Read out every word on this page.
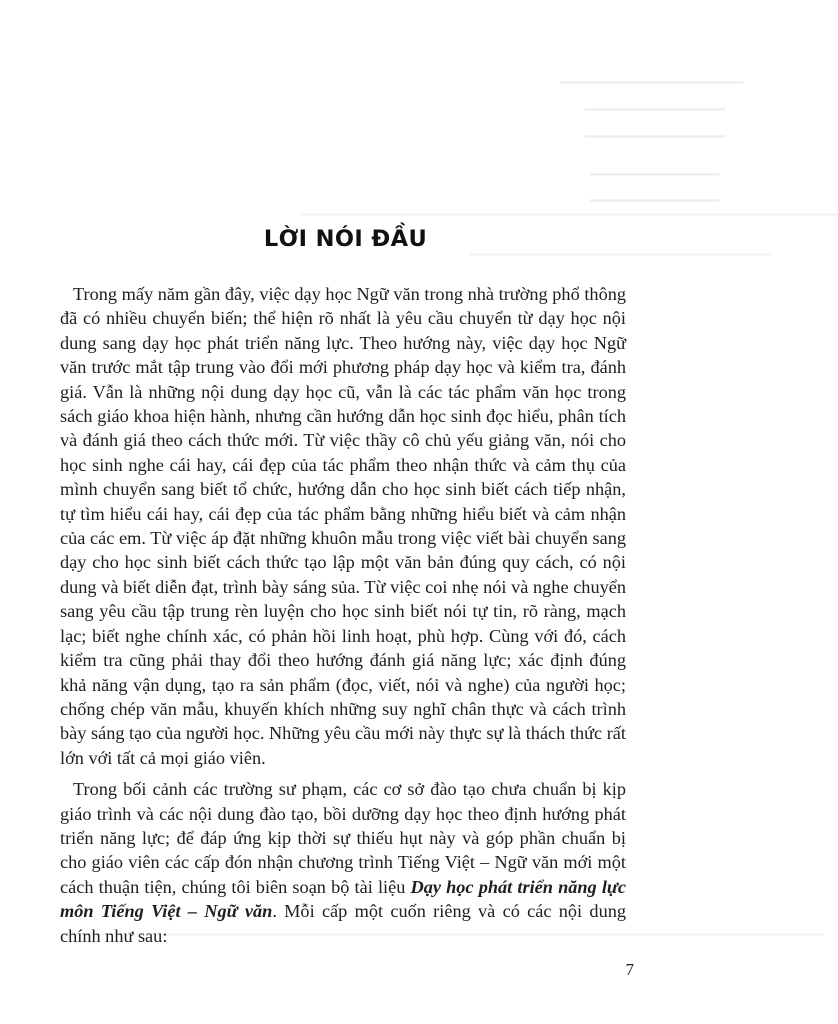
▁▁▁▁▁▁▁▁▁▁▁▁▁▁▁▁▁
▁▁▁▁▁▁▁▁▁▁▁▁▁
▁▁▁▁▁▁▁▁▁▁▁▁▁
▁▁▁▁▁▁▁▁▁▁▁▁
▁▁▁▁▁▁▁▁▁▁▁▁
▁▁▁▁▁▁▁▁▁▁▁▁▁▁▁▁▁▁▁▁▁▁▁▁▁▁▁▁▁▁▁▁▁▁▁▁▁▁▁▁▁▁▁▁▁▁▁▁▁▁
▁▁▁▁▁▁▁▁▁▁▁▁▁▁▁▁▁▁▁▁▁▁▁▁▁▁▁▁
LỜI NÓI ĐẦU

Trong mấy năm gần đây, việc dạy học Ngữ văn trong nhà trường phổ thông đã có nhiều chuyển biến; thể hiện rõ nhất là yêu cầu chuyển từ dạy học nội dung sang dạy học phát triển năng lực. Theo hướng này, việc dạy học Ngữ văn trước mắt tập trung vào đổi mới phương pháp dạy học và kiểm tra, đánh giá. Vẫn là những nội dung dạy học cũ, vẫn là các tác phẩm văn học trong sách giáo khoa hiện hành, nhưng cần hướng dẫn học sinh đọc hiểu, phân tích và đánh giá theo cách thức mới. Từ việc thầy cô chủ yếu giảng văn, nói cho học sinh nghe cái hay, cái đẹp của tác phẩm theo nhận thức và cảm thụ của mình chuyển sang biết tổ chức, hướng dẫn cho học sinh biết cách tiếp nhận, tự tìm hiểu cái hay, cái đẹp của tác phẩm bằng những hiểu biết và cảm nhận của các em. Từ việc áp đặt những khuôn mẫu trong việc viết bài chuyển sang dạy cho học sinh biết cách thức tạo lập một văn bản đúng quy cách, có nội dung và biết diễn đạt, trình bày sáng sủa. Từ việc coi nhẹ nói và nghe chuyển sang yêu cầu tập trung rèn luyện cho học sinh biết nói tự tin, rõ ràng, mạch lạc; biết nghe chính xác, có phản hồi linh hoạt, phù hợp. Cùng với đó, cách kiểm tra cũng phải thay đổi theo hướng đánh giá năng lực; xác định đúng khả năng vận dụng, tạo ra sản phẩm (đọc, viết, nói và nghe) của người học; chống chép văn mẫu, khuyến khích những suy nghĩ chân thực và cách trình bày sáng tạo của người học. Những yêu cầu mới này thực sự là thách thức rất lớn với tất cả mọi giáo viên.

Trong bối cảnh các trường sư phạm, các cơ sở đào tạo chưa chuẩn bị kịp giáo trình và các nội dung đào tạo, bồi dưỡng dạy học theo định hướng phát triển năng lực; để đáp ứng kịp thời sự thiếu hụt này và góp phần chuẩn bị cho giáo viên các cấp đón nhận chương trình Tiếng Việt – Ngữ văn mới một cách thuận tiện, chúng tôi biên soạn bộ tài liệu Dạy học phát triển năng lực môn Tiếng Việt – Ngữ văn. Mỗi cấp một cuốn riêng và có các nội dung chính như sau:

7
